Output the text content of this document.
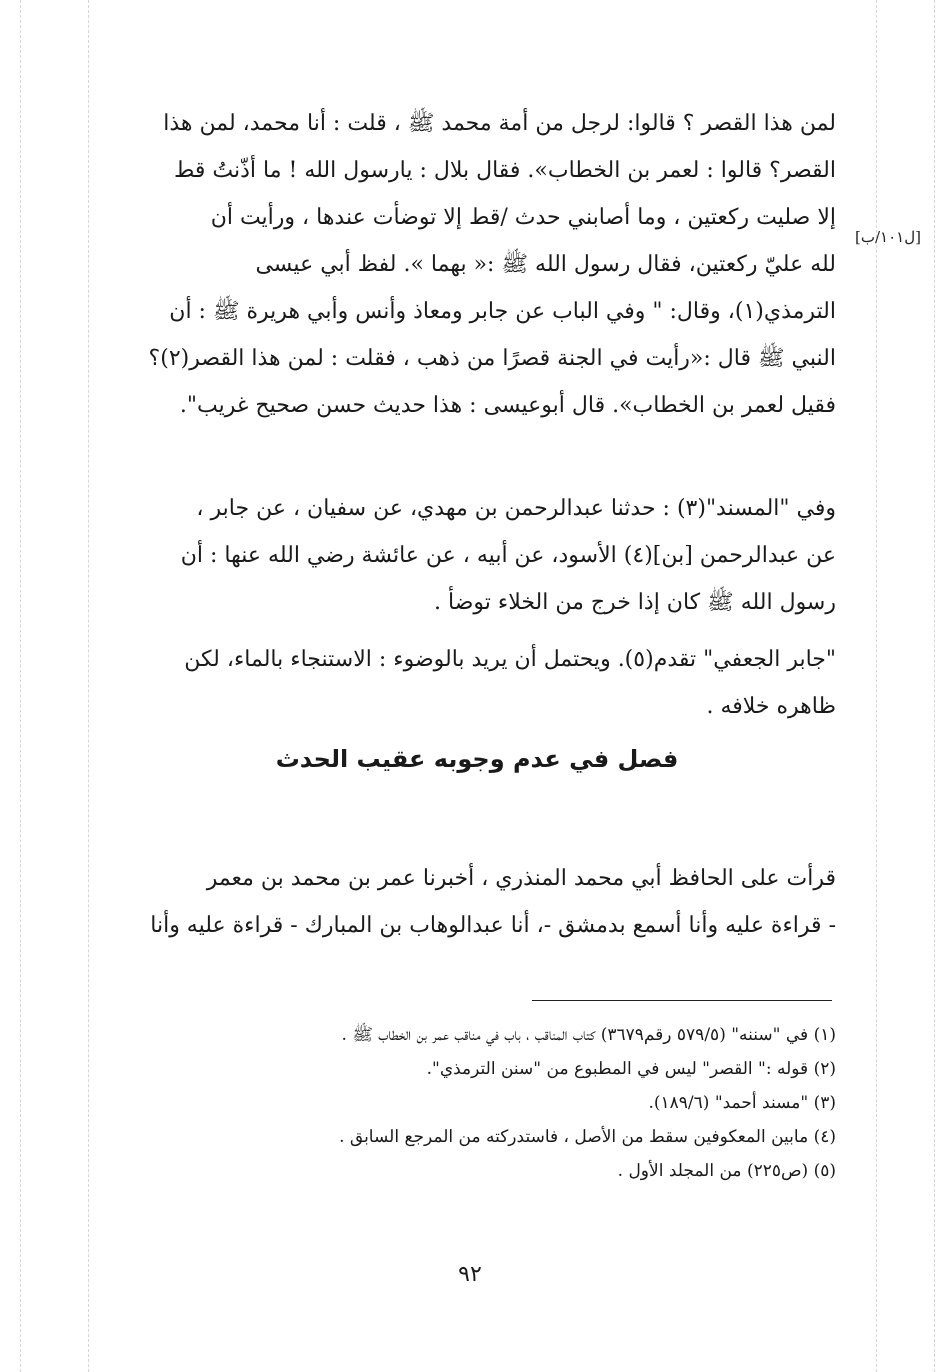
[ل١٠١/ب]
لمن هذا القصر ؟ قالوا: لرجل من أمة محمد ﷺ ، قلت : أنا محمد، لمن هذا
القصر؟ قالوا : لعمر بن الخطاب». فقال بلال : يارسول الله ! ما أذّنتُ قط
إلا صليت ركعتين ، وما أصابني حدث /قط إلا توضأت عندها ، ورأيت أن
لله عليّ ركعتين، فقال رسول الله ﷺ :« بهما ». لفظ أبي عيسى
الترمذي(١)، وقال: " وفي الباب عن جابر ومعاذ وأنس وأبي هريرة ﷺ : أن
النبي ﷺ قال :«رأيت في الجنة قصرًا من ذهب ، فقلت : لمن هذا القصر(٢)؟
فقيل لعمر بن الخطاب». قال أبوعيسى : هذا حديث حسن صحيح غريب".
وفي "المسند"(٣) : حدثنا عبدالرحمن بن مهدي، عن سفيان ، عن جابر ،
عن عبدالرحمن [بن](٤) الأسود، عن أبيه ، عن عائشة رضي الله عنها : أن
رسول الله ﷺ كان إذا خرج من الخلاء توضأ .
"جابر الجعفي" تقدم(٥). ويحتمل أن يريد بالوضوء : الاستنجاء بالماء، لكن
ظاهره خلافه .
فصل في عدم وجوبه عقيب الحدث
قرأت على الحافظ أبي محمد المنذري ، أخبرنا عمر بن محمد بن معمر
- قراءة عليه وأنا أسمع بدمشق -، أنا عبدالوهاب بن المبارك - قراءة عليه وأنا
(١) في "سننه" (٥٧٩/٥ رقم٣٦٧٩) كتاب المناقب ، باب في مناقب عمر بن الخطاب ﷺ .
(٢) قوله :" القصر" ليس في المطبوع من "سنن الترمذي".
(٣) "مسند أحمد" (١٨٩/٦).
(٤) مابين المعكوفين سقط من الأصل ، فاستدركته من المرجع السابق .
(٥) (ص٢٢٥) من المجلد الأول .
٩٢
